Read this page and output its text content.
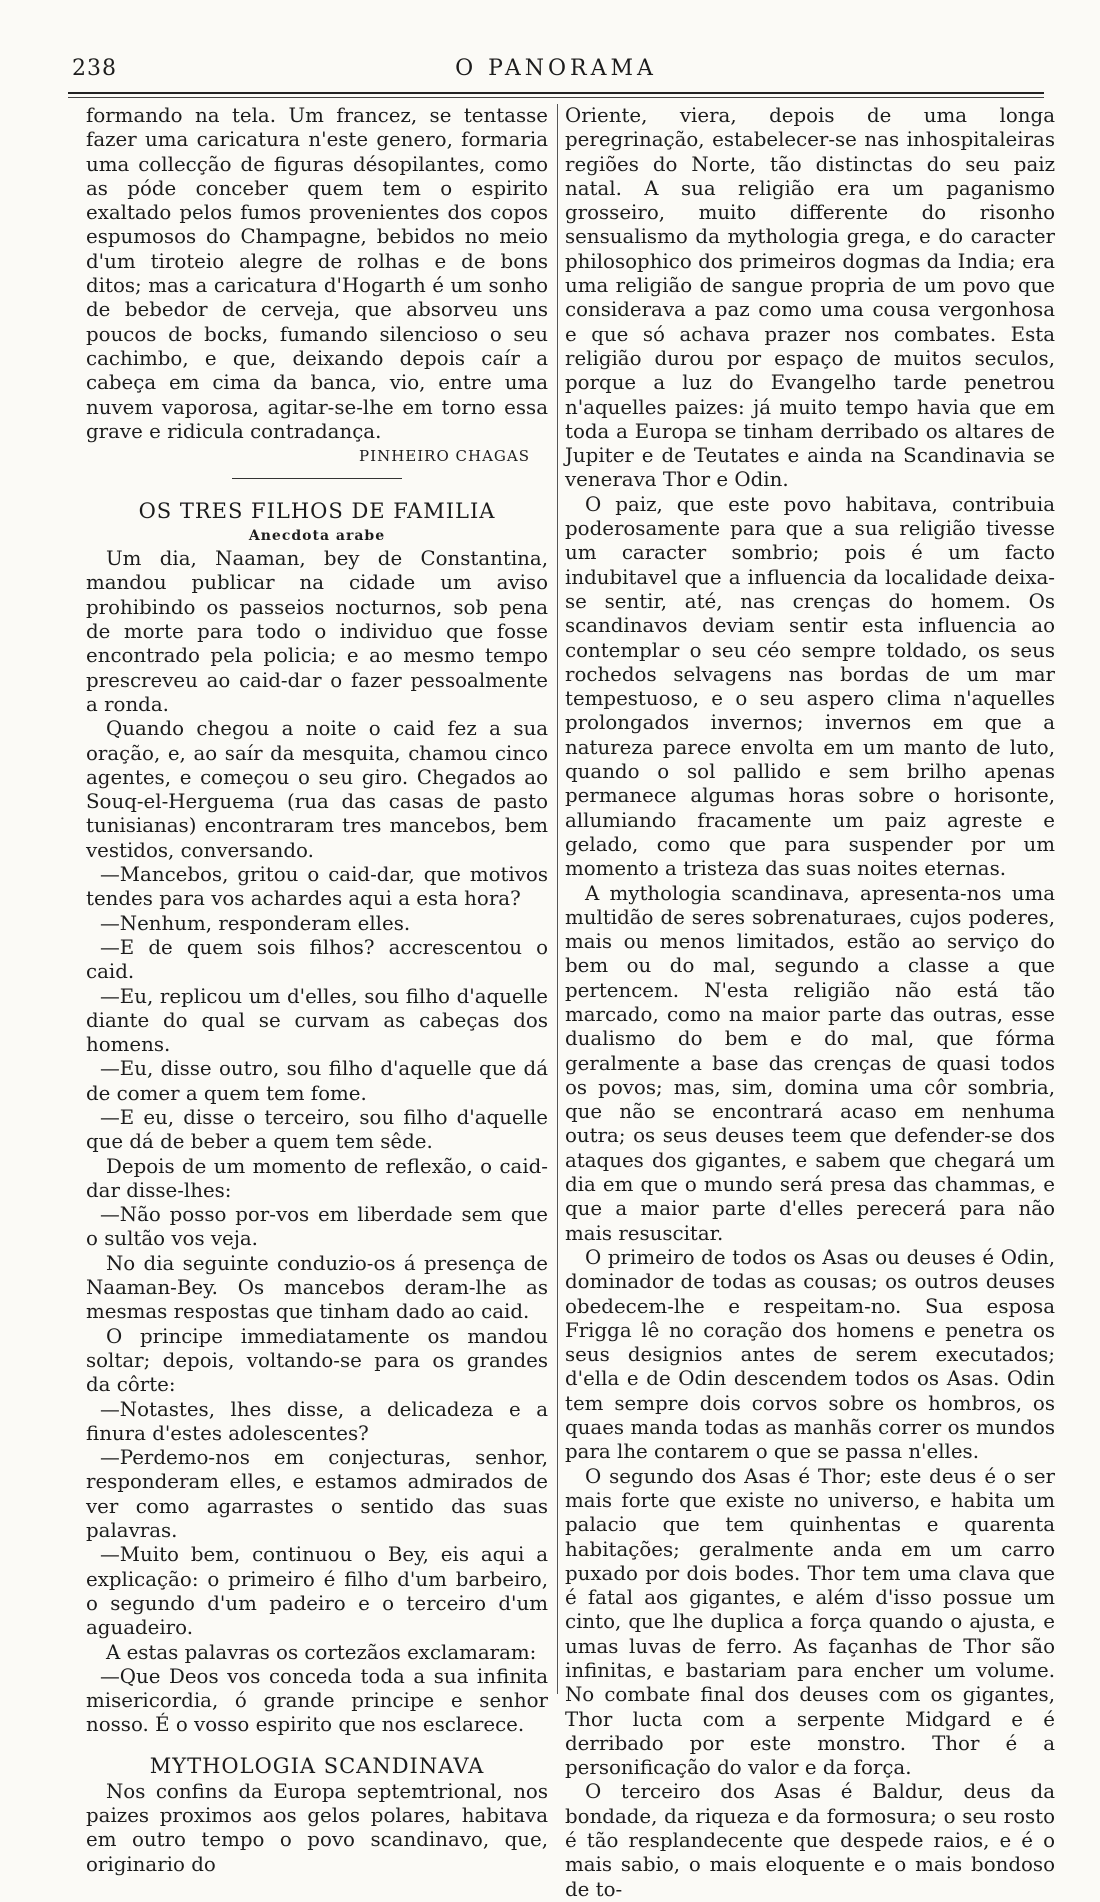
238	O PANORAMA

formando na tela. Um francez, se tentasse fazer uma caricatura n'este genero, formaria uma collecção de figuras désopilantes, como as póde conceber quem tem o espirito exaltado pelos fumos provenientes dos copos espumosos do Champagne, bebidos no meio d'um tiroteio alegre de rolhas e de bons ditos; mas a caricatura d'Hogarth é um sonho de bebedor de cerveja, que absorveu uns poucos de bocks, fumando silencioso o seu cachimbo, e que, deixando depois caír a cabeça em cima da banca, vio, entre uma nuvem vaporosa, agitar-se-lhe em torno essa grave e ridicula contradança.

PINHEIRO CHAGAS
OS TRES FILHOS DE FAMILIA
Anecdota arabe

Um dia, Naaman, bey de Constantina, mandou publicar na cidade um aviso prohibindo os passeios nocturnos, sob pena de morte para todo o individuo que fosse encontrado pela policia; e ao mesmo tempo prescreveu ao caid-dar o fazer pessoalmente a ronda.

Quando chegou a noite o caid fez a sua oração, e, ao saír da mesquita, chamou cinco agentes, e começou o seu giro. Chegados ao Souq-el-Herguema (rua das casas de pasto tunisianas) encontraram tres mancebos, bem vestidos, conversando.

—Mancebos, gritou o caid-dar, que motivos tendes para vos achardes aqui a esta hora?

—Nenhum, responderam elles.

—E de quem sois filhos? accrescentou o caid.

—Eu, replicou um d'elles, sou filho d'aquelle diante do qual se curvam as cabeças dos homens.

—Eu, disse outro, sou filho d'aquelle que dá de comer a quem tem fome.

—E eu, disse o terceiro, sou filho d'aquelle que dá de beber a quem tem sêde.

Depois de um momento de reflexão, o caid-dar disse-lhes:

—Não posso por-vos em liberdade sem que o sultão vos veja.

No dia seguinte conduzio-os á presença de Naaman-Bey. Os mancebos deram-lhe as mesmas respostas que tinham dado ao caid.

O principe immediatamente os mandou soltar; depois, voltando-se para os grandes da côrte:

—Notastes, lhes disse, a delicadeza e a finura d'estes adolescentes?

—Perdemo-nos em conjecturas, senhor, responderam elles, e estamos admirados de ver como agarrastes o sentido das suas palavras.

—Muito bem, continuou o Bey, eis aqui a explicação: o primeiro é filho d'um barbeiro, o segundo d'um padeiro e o terceiro d'um aguadeiro.

A estas palavras os cortezãos exclamaram:

—Que Deos vos conceda toda a sua infinita misericordia, ó grande principe e senhor nosso. É o vosso espirito que nos esclarece.

MYTHOLOGIA SCANDINAVA

Nos confins da Europa septemtrional, nos paizes proximos aos gelos polares, habitava em outro tempo o povo scandinavo, que, originario do

Oriente, viera, depois de uma longa peregrinação, estabelecer-se nas inhospitaleiras regiões do Norte, tão distinctas do seu paiz natal. A sua religião era um paganismo grosseiro, muito differente do risonho sensualismo da mythologia grega, e do caracter philosophico dos primeiros dogmas da India; era uma religião de sangue propria de um povo que considerava a paz como uma cousa vergonhosa e que só achava prazer nos combates. Esta religião durou por espaço de muitos seculos, porque a luz do Evangelho tarde penetrou n'aquelles paizes: já muito tempo havia que em toda a Europa se tinham derribado os altares de Jupiter e de Teutates e ainda na Scandinavia se venerava Thor e Odin.

O paiz, que este povo habitava, contribuia poderosamente para que a sua religião tivesse um caracter sombrio; pois é um facto indubitavel que a influencia da localidade deixa-se sentir, até, nas crenças do homem. Os scandinavos deviam sentir esta influencia ao contemplar o seu céo sempre toldado, os seus rochedos selvagens nas bordas de um mar tempestuoso, e o seu aspero clima n'aquelles prolongados invernos; invernos em que a natureza parece envolta em um manto de luto, quando o sol pallido e sem brilho apenas permanece algumas horas sobre o horisonte, allumiando fracamente um paiz agreste e gelado, como que para suspender por um momento a tristeza das suas noites eternas.

A mythologia scandinava, apresenta-nos uma multidão de seres sobrenaturaes, cujos poderes, mais ou menos limitados, estão ao serviço do bem ou do mal, segundo a classe a que pertencem. N'esta religião não está tão marcado, como na maior parte das outras, esse dualismo do bem e do mal, que fórma geralmente a base das crenças de quasi todos os povos; mas, sim, domina uma côr sombria, que não se encontrará acaso em nenhuma outra; os seus deuses teem que defender-se dos ataques dos gigantes, e sabem que chegará um dia em que o mundo será presa das chammas, e que a maior parte d'elles perecerá para não mais resuscitar.

O primeiro de todos os Asas ou deuses é Odin, dominador de todas as cousas; os outros deuses obedecem-lhe e respeitam-no. Sua esposa Frigga lê no coração dos homens e penetra os seus designios antes de serem executados; d'ella e de Odin descendem todos os Asas. Odin tem sempre dois corvos sobre os hombros, os quaes manda todas as manhãs correr os mundos para lhe contarem o que se passa n'elles.

O segundo dos Asas é Thor; este deus é o ser mais forte que existe no universo, e habita um palacio que tem quinhentas e quarenta habitações; geralmente anda em um carro puxado por dois bodes. Thor tem uma clava que é fatal aos gigantes, e além d'isso possue um cinto, que lhe duplica a força quando o ajusta, e umas luvas de ferro. As façanhas de Thor são infinitas, e bastariam para encher um volume. No combate final dos deuses com os gigantes, Thor lucta com a serpente Midgard e é derribado por este monstro. Thor é a personificação do valor e da força.

O terceiro dos Asas é Baldur, deus da bondade, da riqueza e da formosura; o seu rosto é tão resplandecente que despede raios, e é o mais sabio, o mais eloquente e o mais bondoso de to-
